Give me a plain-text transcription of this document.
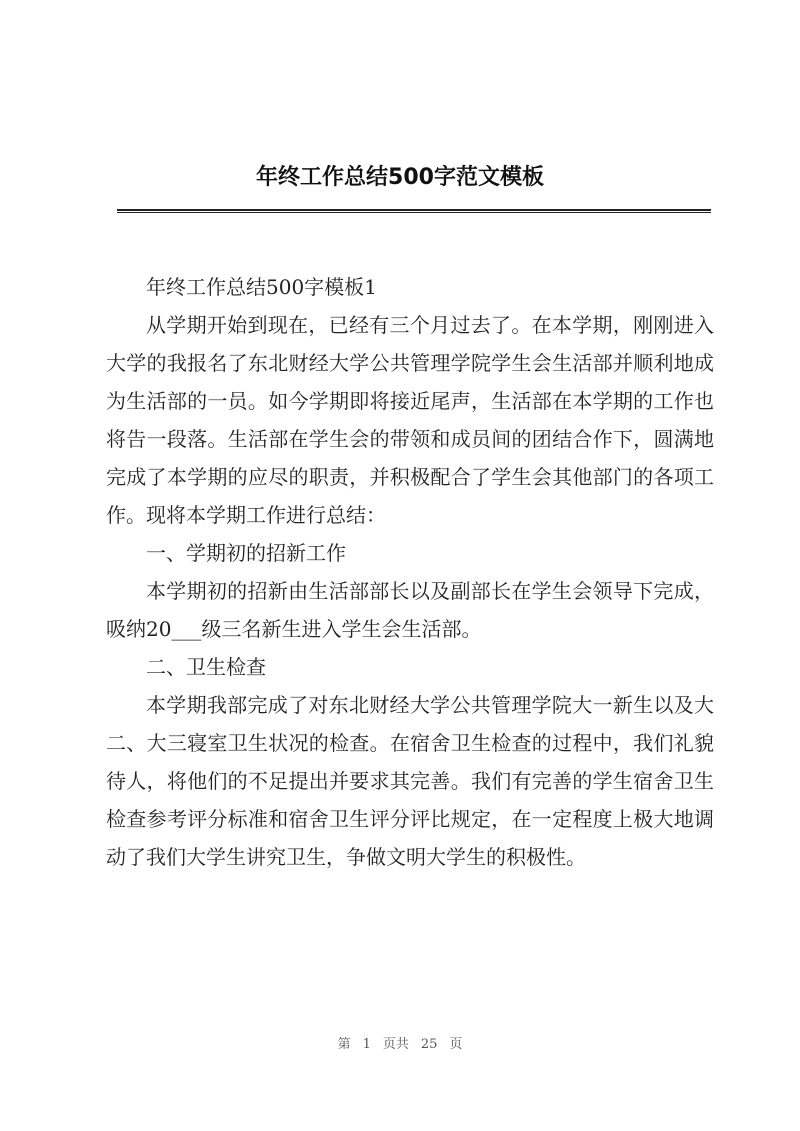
年终工作总结500字范文模板

年终工作总结500字模板1

从学期开始到现在，已经有三个月过去了。在本学期，刚刚进入大学的我报名了东北财经大学公共管理学院学生会生活部并顺利地成为生活部的一员。如今学期即将接近尾声，生活部在本学期的工作也将告一段落。生活部在学生会的带领和成员间的团结合作下，圆满地完成了本学期的应尽的职责，并积极配合了学生会其他部门的各项工作。现将本学期工作进行总结：

一、学期初的招新工作

本学期初的招新由生活部部长以及副部长在学生会领导下完成，吸纳20___级三名新生进入学生会生活部。

二、卫生检查

本学期我部完成了对东北财经大学公共管理学院大一新生以及大二、大三寝室卫生状况的检查。在宿舍卫生检查的过程中，我们礼貌待人，将他们的不足提出并要求其完善。我们有完善的学生宿舍卫生检查参考评分标准和宿舍卫生评分评比规定，在一定程度上极大地调动了我们大学生讲究卫生，争做文明大学生的积极性。

第 1 页共 25 页
